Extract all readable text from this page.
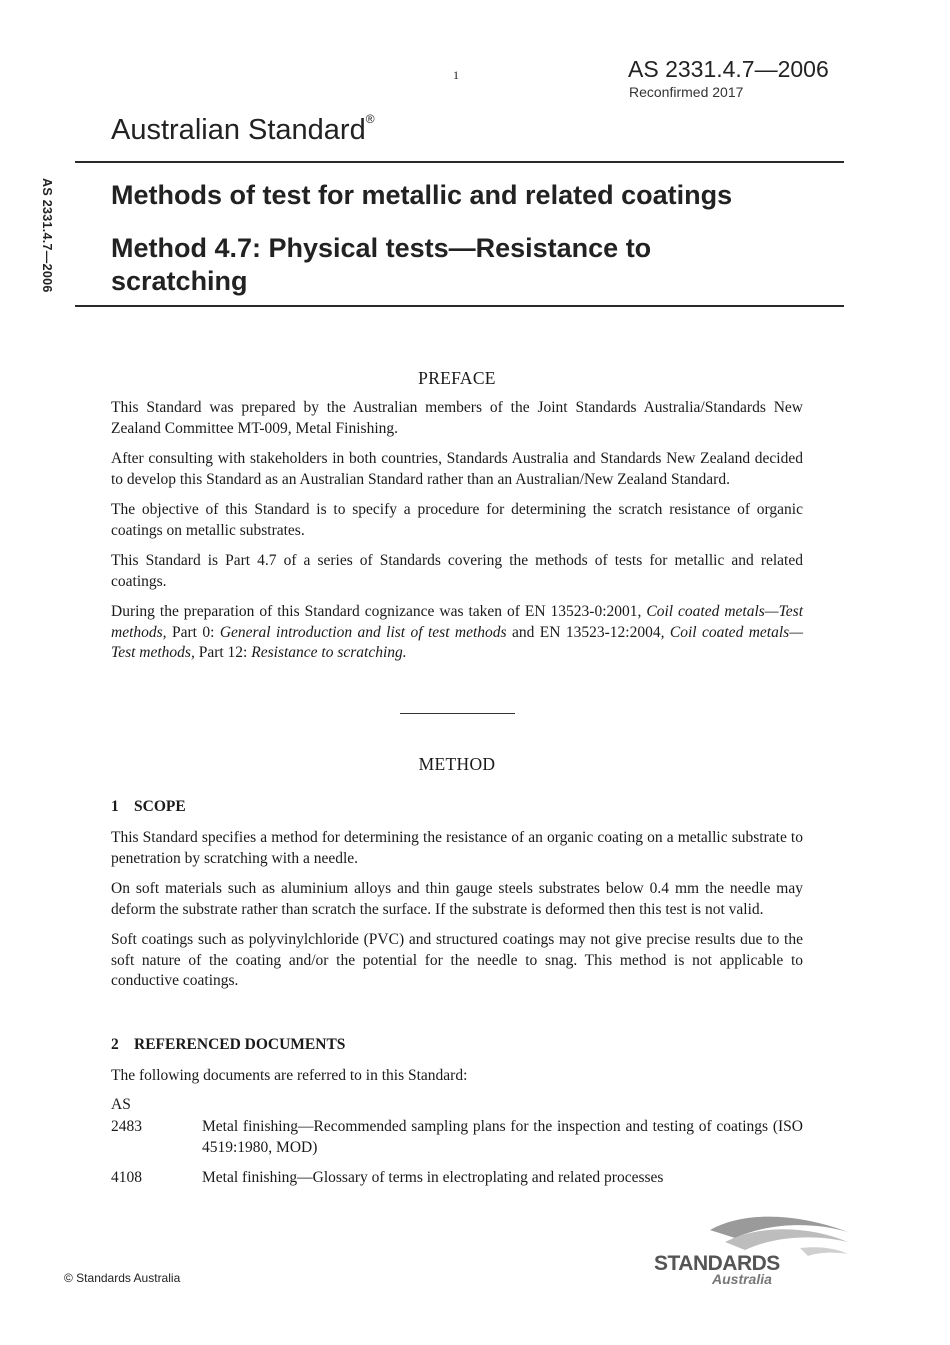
1	AS 2331.4.7—2006
Reconfirmed 2017
Australian Standard®
AS 2331.4.7—2006 Methods of test for metallic and related coatings
Method 4.7: Physical tests—Resistance to scratching
PREFACE

This Standard was prepared by the Australian members of the Joint Standards Australia/Standards New Zealand Committee MT-009, Metal Finishing.

After consulting with stakeholders in both countries, Standards Australia and Standards New Zealand decided to develop this Standard as an Australian Standard rather than an Australian/New Zealand Standard.

The objective of this Standard is to specify a procedure for determining the scratch resistance of organic coatings on metallic substrates.

This Standard is Part 4.7 of a series of Standards covering the methods of tests for metallic and related coatings.

During the preparation of this Standard cognizance was taken of EN 13523-0:2001, Coil coated metals—Test methods, Part 0: General introduction and list of test methods and EN 13523-12:2004, Coil coated metals—Test methods, Part 12: Resistance to scratching.

METHOD
1 SCOPE

This Standard specifies a method for determining the resistance of an organic coating on a metallic substrate to penetration by scratching with a needle.

On soft materials such as aluminium alloys and thin gauge steels substrates below 0.4 mm the needle may deform the substrate rather than scratch the surface. If the substrate is deformed then this test is not valid.

Soft coatings such as polyvinylchloride (PVC) and structured coatings may not give precise results due to the soft nature of the coating and/or the potential for the needle to snag. This method is not applicable to conductive coatings.

2 REFERENCED DOCUMENTS

The following documents are referred to in this Standard:

AS
2483	Metal finishing—Recommended sampling plans for the inspection and testing of coatings (ISO 4519:1980, MOD)
4108	Metal finishing—Glossary of terms in electroplating and related processes
© Standards Australia
STANDARDS
Australia
